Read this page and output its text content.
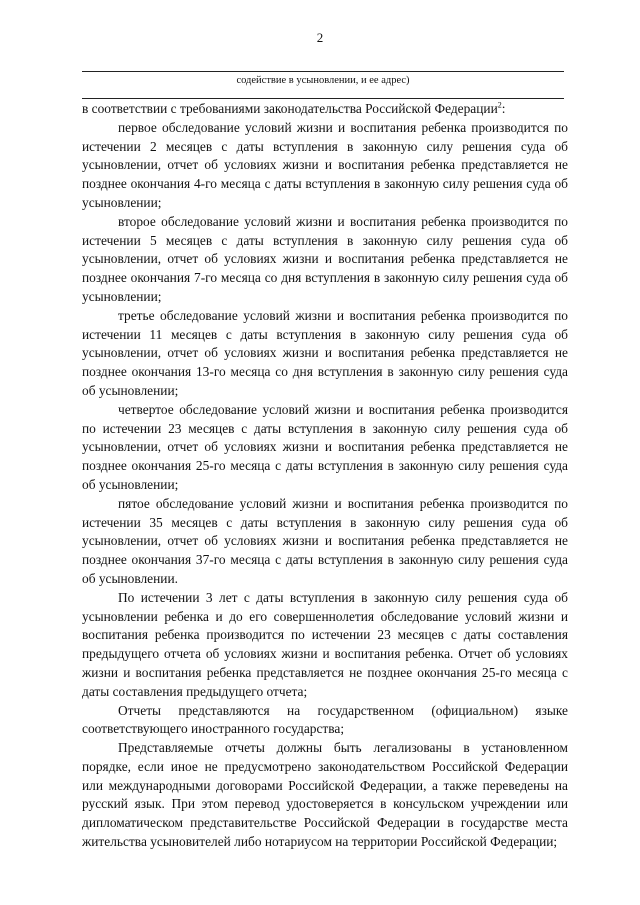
2
содействие в усыновлении, и ее адрес)

в соответствии с требованиями законодательства Российской Федерации$^2$:

первое обследование условий жизни и воспитания ребенка производится по истечении 2 месяцев с даты вступления в законную силу решения суда об усыновлении, отчет об условиях жизни и воспитания ребенка представляется не позднее окончания 4-го месяца с даты вступления в законную силу решения суда об усыновлении;

второе обследование условий жизни и воспитания ребенка производится по истечении 5 месяцев с даты вступления в законную силу решения суда об усыновлении, отчет об условиях жизни и воспитания ребенка представляется не позднее окончания 7-го месяца со дня вступления в законную силу решения суда об усыновлении;

третье обследование условий жизни и воспитания ребенка производится по истечении 11 месяцев с даты вступления в законную силу решения суда об усыновлении, отчет об условиях жизни и воспитания ребенка представляется не позднее окончания 13-го месяца со дня вступления в законную силу решения суда об усыновлении;

четвертое обследование условий жизни и воспитания ребенка производится по истечении 23 месяцев с даты вступления в законную силу решения суда об усыновлении, отчет об условиях жизни и воспитания ребенка представляется не позднее окончания 25-го месяца с даты вступления в законную силу решения суда об усыновлении;

пятое обследование условий жизни и воспитания ребенка производится по истечении 35 месяцев с даты вступления в законную силу решения суда об усыновлении, отчет об условиях жизни и воспитания ребенка представляется не позднее окончания 37-го месяца с даты вступления в законную силу решения суда об усыновлении.

По истечении 3 лет с даты вступления в законную силу решения суда об усыновлении ребенка и до его совершеннолетия обследование условий жизни и воспитания ребенка производится по истечении 23 месяцев с даты составления предыдущего отчета об условиях жизни и воспитания ребенка. Отчет об условиях жизни и воспитания ребенка представляется не позднее окончания 25-го месяца с даты составления предыдущего отчета;

Отчеты представляются на государственном (официальном) языке соответствующего иностранного государства;

Представляемые отчеты должны быть легализованы в установленном порядке, если иное не предусмотрено законодательством Российской Федерации или международными договорами Российской Федерации, а также переведены на русский язык. При этом перевод удостоверяется в консульском учреждении или дипломатическом представительстве Российской Федерации в государстве места жительства усыновителей либо нотариусом на территории Российской Федерации;
